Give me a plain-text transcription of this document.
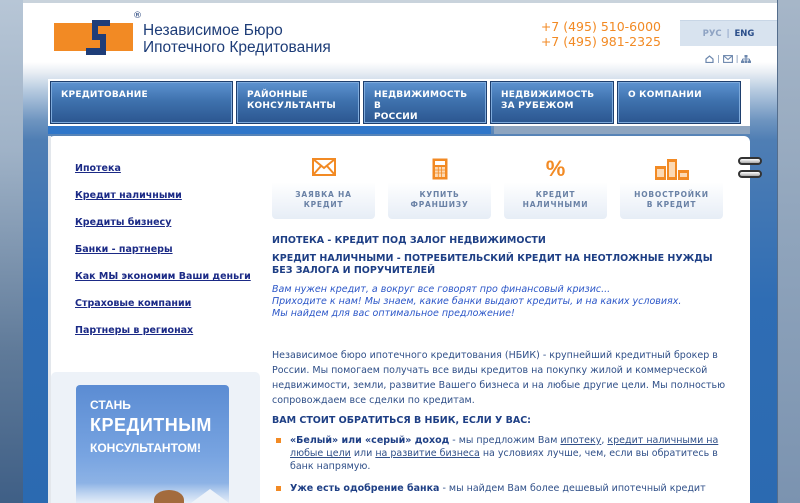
®
Независимое Бюро
Ипотечного Кредитования
+7 (495) 510-6000
+7 (495) 981-2325
РУС | ENG
| |
КРЕДИТОВАНИЕ	РАЙОННЫЕ
КОНСУЛЬТАНТЫ
НЕДВИЖИМОСТЬ В
РОССИИ
НЕДВИЖИМОСТЬ
ЗА РУБЕЖОМ
О КОМПАНИИ
Ипотека
Кредит наличными
Кредиты бизнесу
Банки - партнеры
Как МЫ экономим Ваши деньги
Страховые компании
Партнеры в регионах
СТАНЬ
КРЕДИТНЫМ
КОНСУЛЬТАНТОМ!
ЗАЯВКА НА
КРЕДИТ
КУПИТЬ
ФРАНШИЗУ
%
КРЕДИТ
НАЛИЧНЫМИ
НОВОСТРОЙКИ
В КРЕДИТ
ИПОТЕКА - КРЕДИТ ПОД ЗАЛОГ НЕДВИЖИМОСТИ
КРЕДИТ НАЛИЧНЫМИ - ПОТРЕБИТЕЛЬСКИЙ КРЕДИТ НА НЕОТЛОЖНЫЕ НУЖДЫ
БЕЗ ЗАЛОГА И ПОРУЧИТЕЛЕЙ
Вам нужен кредит, а вокруг все говорят про финансовый кризис...
Приходите к нам! Мы знаем, какие банки выдают кредиты, и на каких условиях.
Мы найдем для вас оптимальное предложение!
Независимое бюро ипотечного кредитования (НБИК) - крупнейший кредитный брокер в России. Мы помогаем получать все виды кредитов на покупку жилой и коммерческой недвижимости, земли, развитие Вашего бизнеса и на любые другие цели. Мы полностью сопровождаем все сделки по кредитам.
ВАМ СТОИТ ОБРАТИТЬСЯ В НБИК, ЕСЛИ У ВАС:
«Белый» или «серый» доход - мы предложим Вам ипотеку, кредит наличными на любые цели или на развитие бизнеса на условиях лучше, чем, если вы обратитесь в банк напрямую.
Уже есть одобрение банка - мы найдем Вам более дешевый ипотечный кредит
